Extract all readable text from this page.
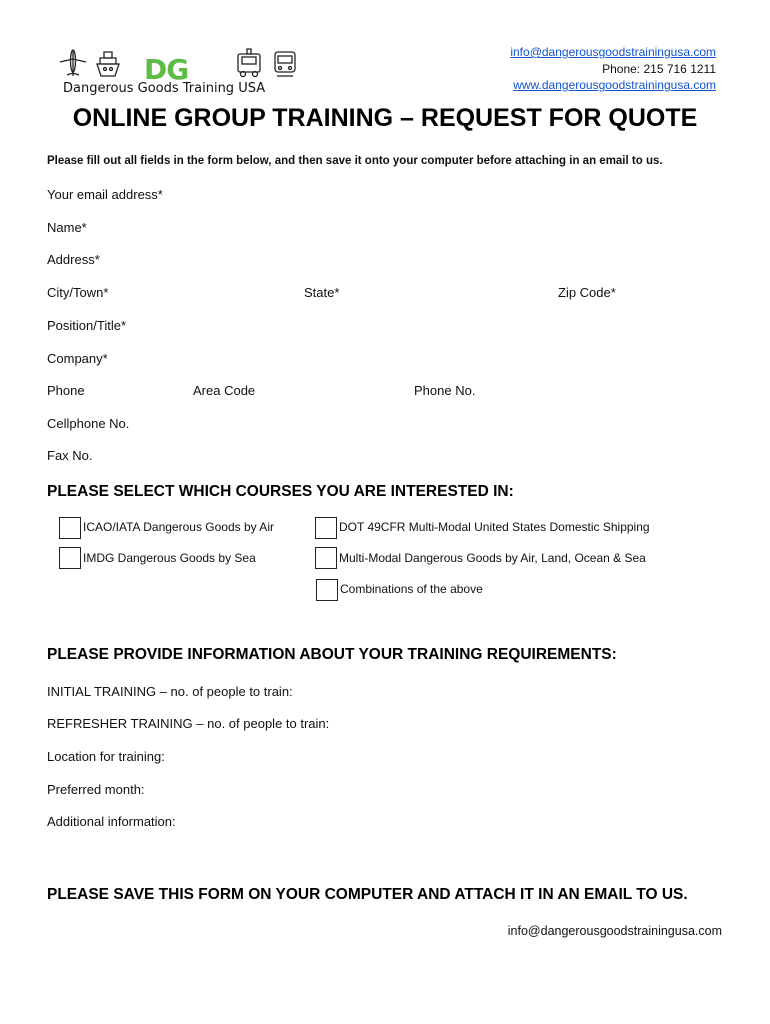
DG
Dangerous Goods Training USA
info@dangerousgoodstrainingusa.com
Phone: 215 716 1211
www.dangerousgoodstrainingusa.com
ONLINE GROUP TRAINING – REQUEST FOR QUOTE
Please fill out all fields in the form below, and then save it onto your computer before attaching in an email to us.
Your email address*
Name*
Address*
City/Town*	State*	Zip Code*
Position/Title*
Company*
Phone	Area Code	Phone No.
Cellphone No.
Fax No.
PLEASE SELECT WHICH COURSES YOU ARE INTERESTED IN:
ICAO/IATA Dangerous Goods by Air	DOT 49CFR Multi-Modal United States Domestic Shipping
IMDG Dangerous Goods by Sea	Multi-Modal Dangerous Goods by Air, Land, Ocean & Sea
Combinations of the above
PLEASE PROVIDE INFORMATION ABOUT YOUR TRAINING REQUIREMENTS:
INITIAL TRAINING – no. of people to train:
REFRESHER TRAINING – no. of people to train:
Location for training:
Preferred month:
Additional information:
PLEASE SAVE THIS FORM ON YOUR COMPUTER AND ATTACH IT IN AN EMAIL TO US.
info@dangerousgoodstrainingusa.com
